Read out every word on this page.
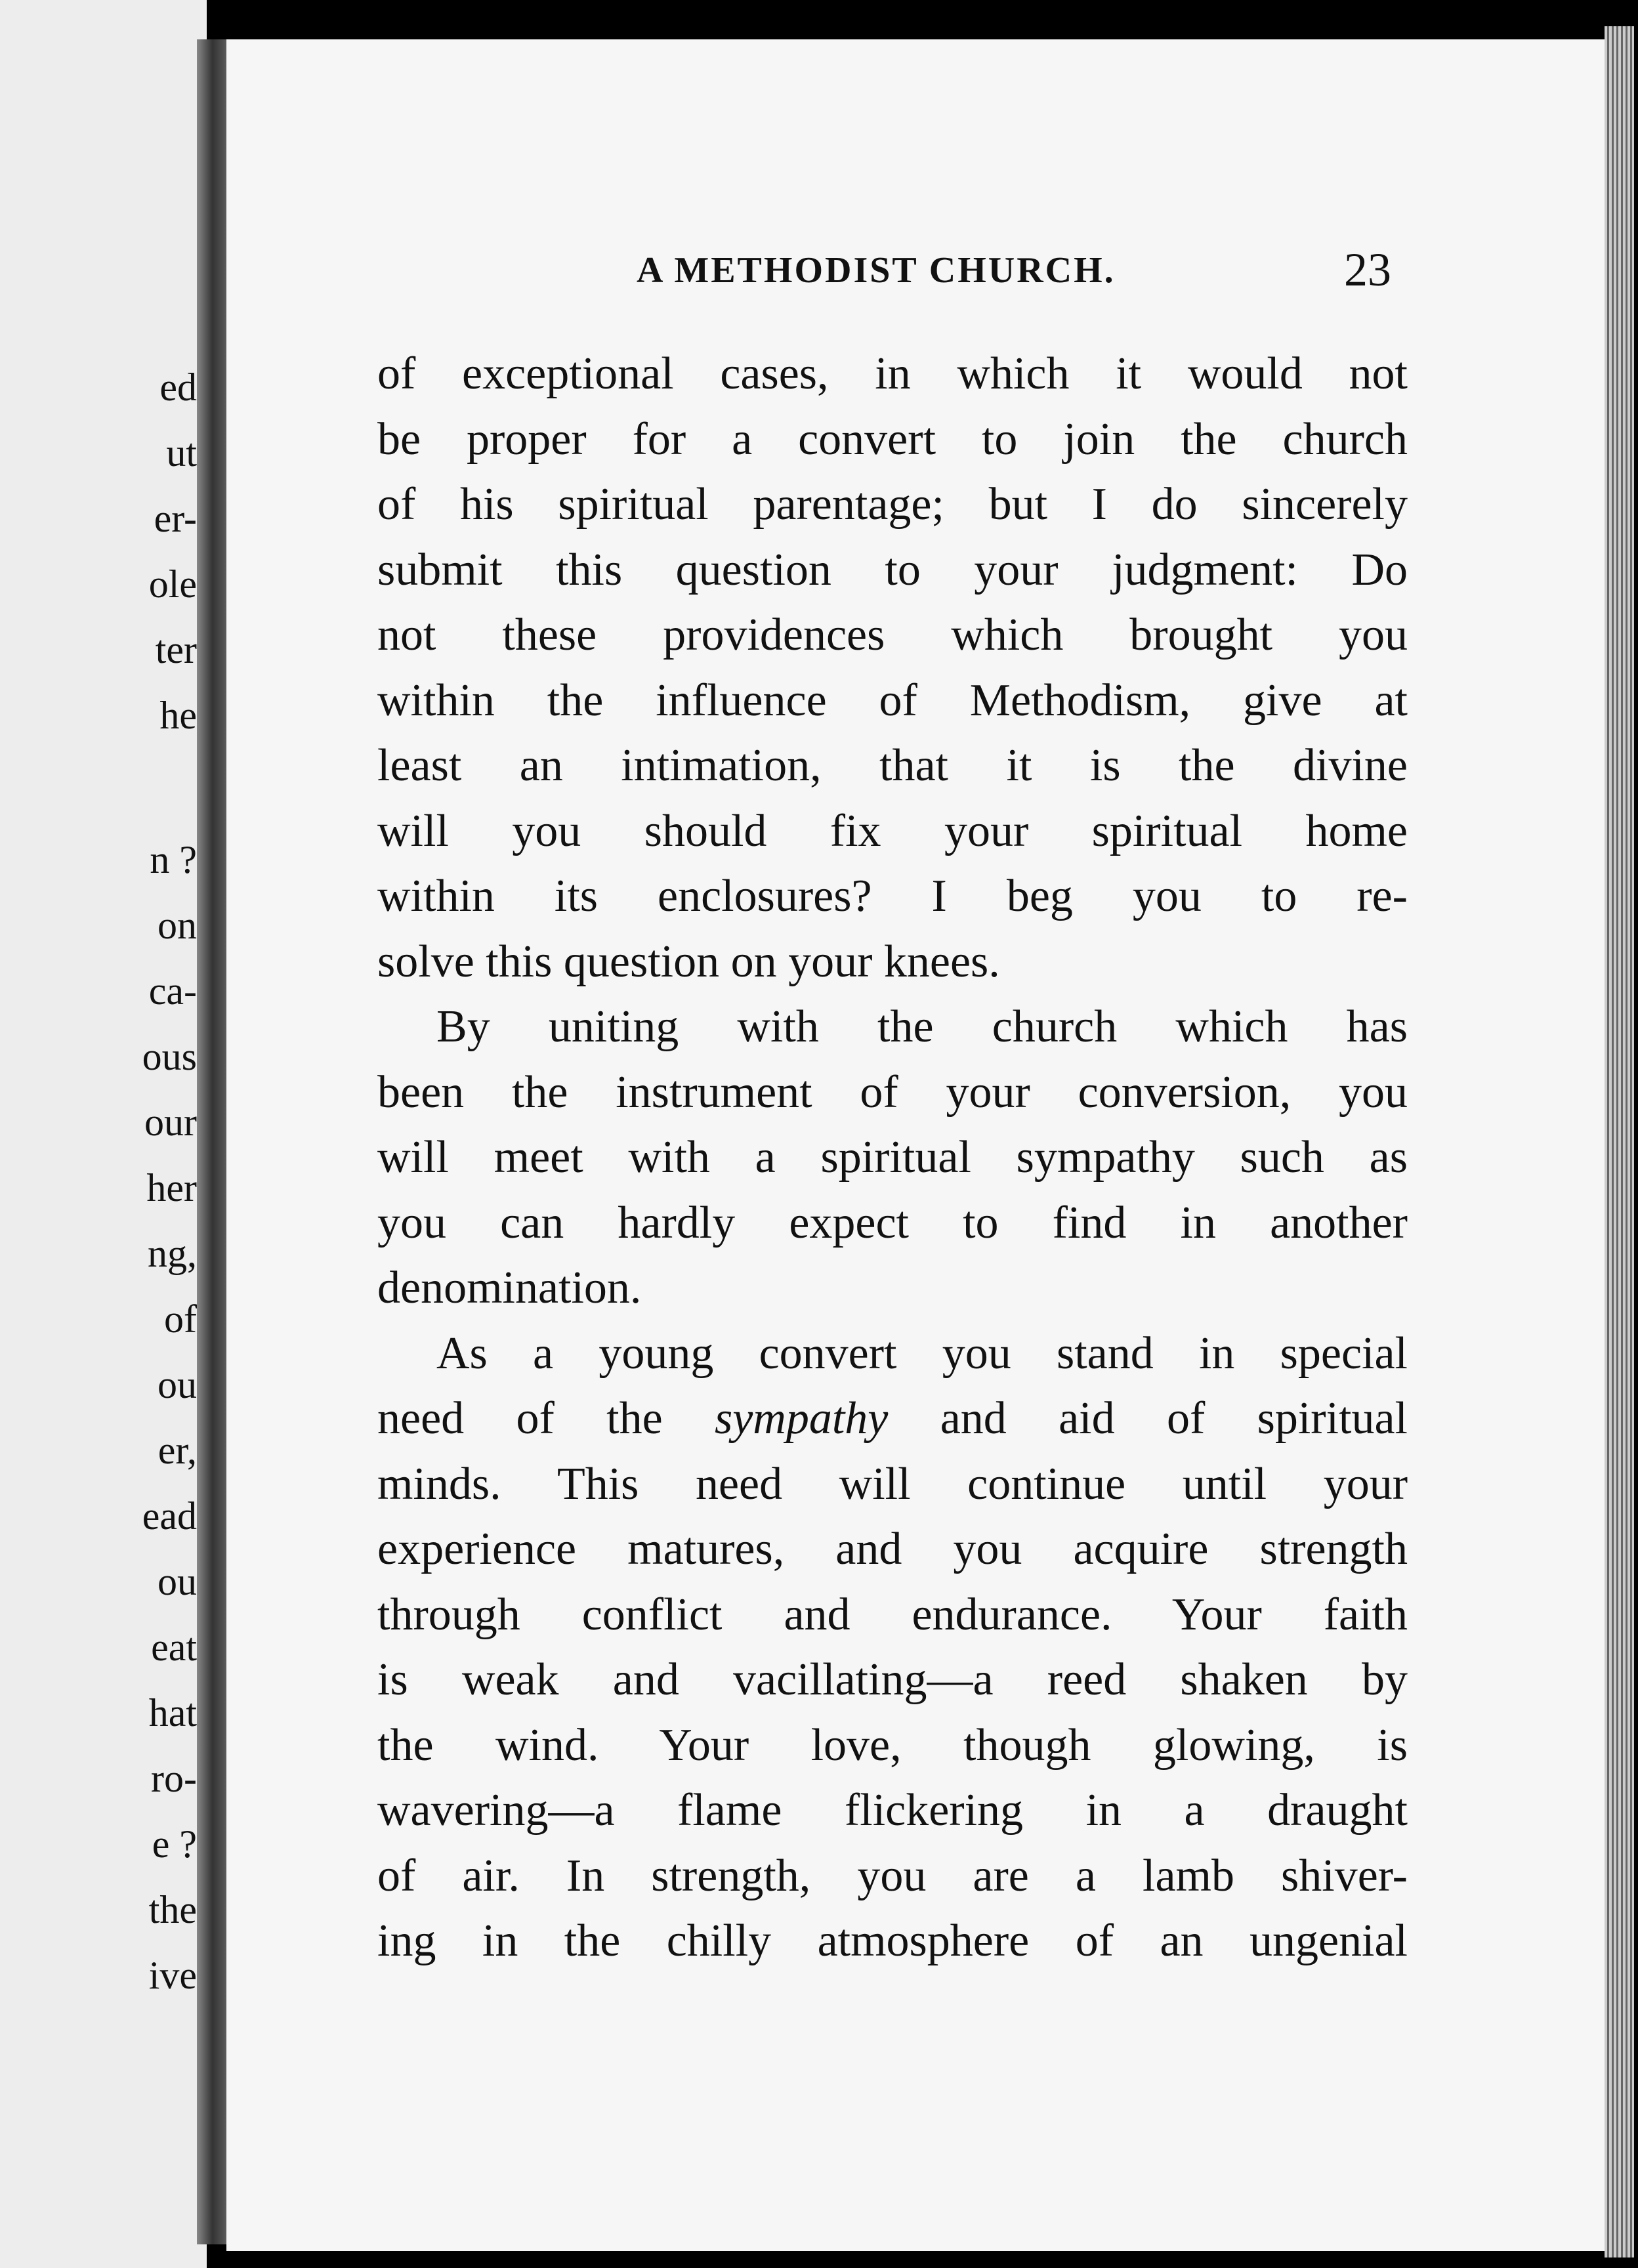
ed
ut
er-
ole
ter
he
n ?
on
ca-
ous
our
her
ng,
of
ou
er,
ead
ou
eat
hat
ro-
e ?
the
ive
A METHODIST CHURCH.	23
of exceptional cases, in which it would not
be proper for a convert to join the church
of his spiritual parentage; but I do sincerely
submit this question to your judgment: Do
not these providences which brought you
within the influence of Methodism, give at
least an intimation, that it is the divine
will you should fix your spiritual home
within its enclosures? I beg you to re-
solve this question on your knees.
By uniting with the church which has
been the instrument of your conversion, you
will meet with a spiritual sympathy such as
you can hardly expect to find in another
denomination.
As a young convert you stand in special
need of the sympathy and aid of spiritual
minds. This need will continue until your
experience matures, and you acquire strength
through conflict and endurance. Your faith
is weak and vacillating—a reed shaken by
the wind. Your love, though glowing, is
wavering—a flame flickering in a draught
of air. In strength, you are a lamb shiver-
ing in the chilly atmosphere of an ungenial
